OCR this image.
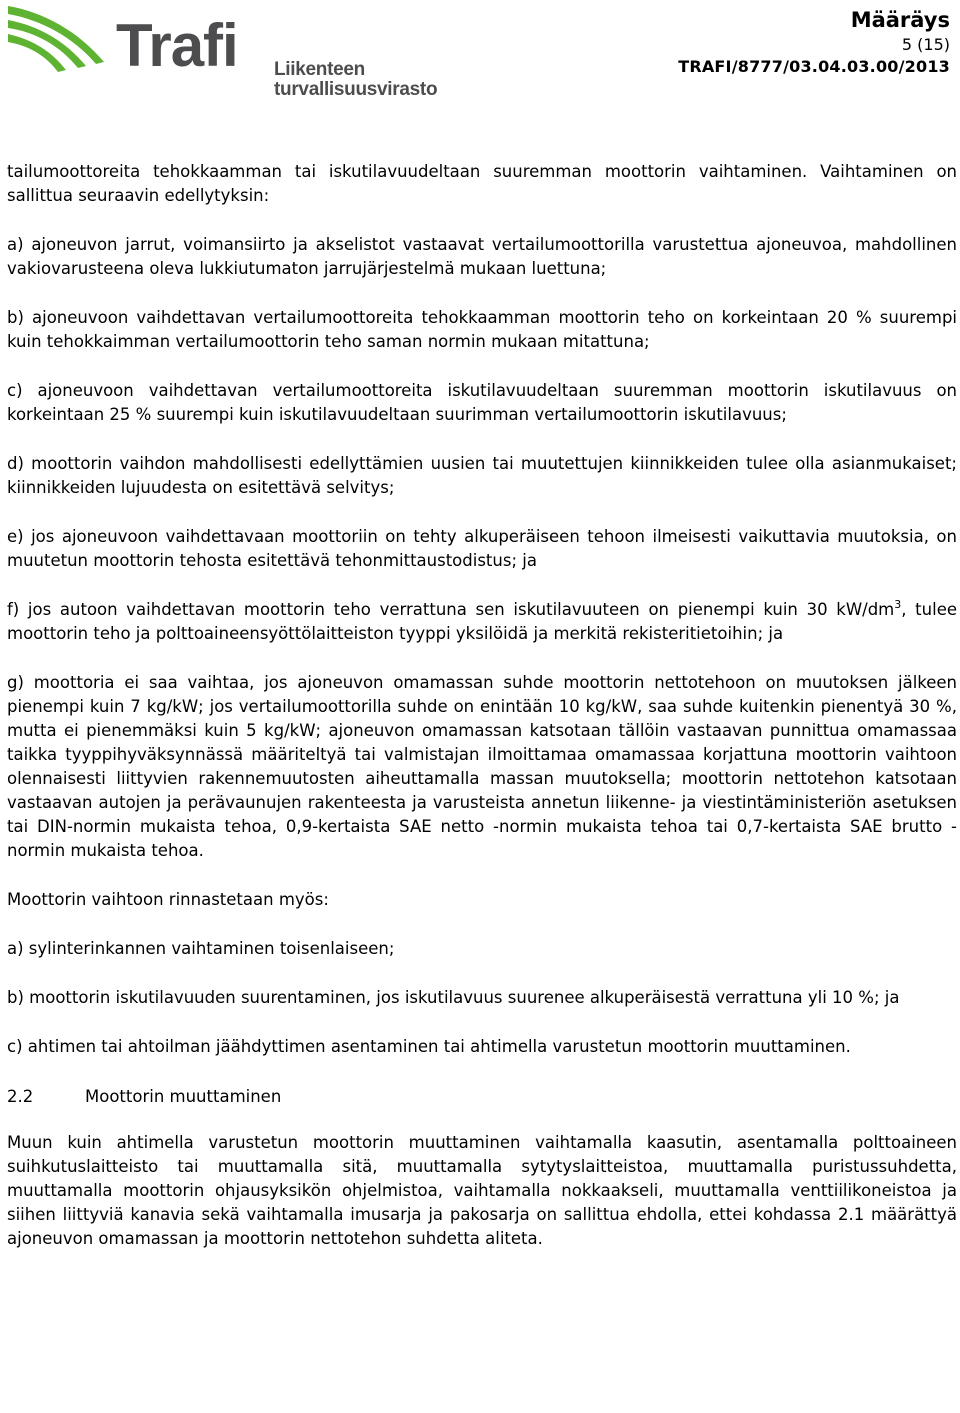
Trafi Liikenteen turvallisuusvirasto
Määräys
5 (15)
TRAFI/8777/03.04.03.00/2013

tailumoottoreita tehokkaamman tai iskutilavuudeltaan suuremman moottorin vaihtaminen. Vaihtaminen on sallittua seuraavin edellytyksin:

a) ajoneuvon jarrut, voimansiirto ja akselistot vastaavat vertailumoottorilla varustettua ajoneuvoa, mahdollinen vakiovarusteena oleva lukkiutumaton jarrujärjestelmä mukaan luettuna;

b) ajoneuvoon vaihdettavan vertailumoottoreita tehokkaamman moottorin teho on korkeintaan 20 % suurempi kuin tehokkaimman vertailumoottorin teho saman normin mukaan mitattuna;

c) ajoneuvoon vaihdettavan vertailumoottoreita iskutilavuudeltaan suuremman moottorin iskutilavuus on korkeintaan 25 % suurempi kuin iskutilavuudeltaan suurimman vertailumoottorin iskutilavuus;

d) moottorin vaihdon mahdollisesti edellyttämien uusien tai muutettujen kiinnikkeiden tulee olla asianmukaiset; kiinnikkeiden lujuudesta on esitettävä selvitys;

e) jos ajoneuvoon vaihdettavaan moottoriin on tehty alkuperäiseen tehoon ilmeisesti vaikuttavia muutoksia, on muutetun moottorin tehosta esitettävä tehonmittaustodistus; ja

f) jos autoon vaihdettavan moottorin teho verrattuna sen iskutilavuuteen on pienempi kuin 30 $kW/dm^3$, tulee moottorin teho ja polttoaineensyöttölaitteiston tyyppi yksilöidä ja merkitä rekisteritietoihin; ja

g) moottoria ei saa vaihtaa, jos ajoneuvon omamassan suhde moottorin nettotehoon on muutoksen jälkeen pienempi kuin 7 kg/kW; jos vertailumoottorilla suhde on enintään 10 kg/kW, saa suhde kuitenkin pienentyä 30 %, mutta ei pienemmäksi kuin 5 kg/kW; ajoneuvon omamassan katsotaan tällöin vastaavan punnittua omamassaa taikka tyyppihyväksynnässä määriteltyä tai valmistajan ilmoittamaa omamassaa korjattuna moottorin vaihtoon olennaisesti liittyvien rakennemuutosten aiheuttamalla massan muutoksella; moottorin nettotehon katsotaan vastaavan autojen ja perävaunujen rakenteesta ja varusteista annetun liikenne- ja viestintäministeriön asetuksen tai DIN-normin mukaista tehoa, 0,9-kertaista SAE netto -normin mukaista tehoa tai 0,7-kertaista SAE brutto -normin mukaista tehoa.

Moottorin vaihtoon rinnastetaan myös:

a) sylinterinkannen vaihtaminen toisenlaiseen;

b) moottorin iskutilavuuden suurentaminen, jos iskutilavuus suurenee alkuperäisestä verrattuna yli 10 %; ja

c) ahtimen tai ahtoilman jäähdyttimen asentaminen tai ahtimella varustetun moottorin muuttaminen.

2.2	Moottorin muuttaminen

Muun kuin ahtimella varustetun moottorin muuttaminen vaihtamalla kaasutin, asentamalla polttoaineen suihkutuslaitteisto tai muuttamalla sitä, muuttamalla sytytyslaitteistoa, muuttamalla puristussuhdetta, muuttamalla moottorin ohjausyksikön ohjelmistoa, vaihtamalla nokkaakseli, muuttamalla venttiilikoneistoa ja siihen liittyviä kanavia sekä vaihtamalla imusarja ja pakosarja on sallittua ehdolla, ettei kohdassa 2.1 määrättyä ajoneuvon omamassan ja moottorin nettotehon suhdetta aliteta.
